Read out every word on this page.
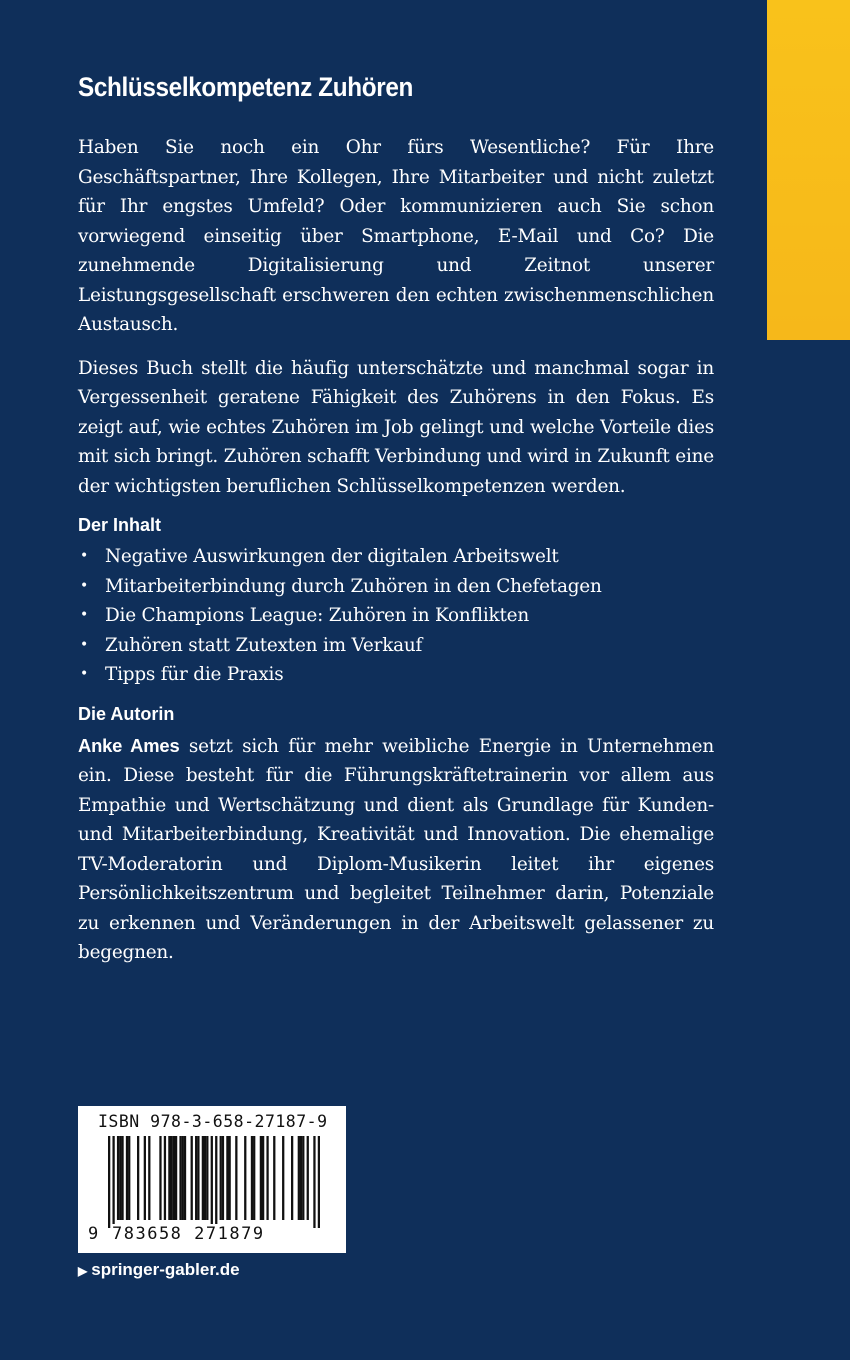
Schlüsselkompetenz Zuhören

Haben Sie noch ein Ohr fürs Wesentliche? Für Ihre Geschäftspartner, Ihre Kollegen, Ihre Mitarbeiter und nicht zuletzt für Ihr engstes Umfeld? Oder kommunizieren auch Sie schon vorwiegend einseitig über Smartphone, E-Mail und Co? Die zunehmende Digitalisierung und Zeitnot unserer Leistungsgesellschaft erschweren den echten zwischenmenschlichen Austausch.

Dieses Buch stellt die häufig unterschätzte und manchmal sogar in Vergessenheit geratene Fähigkeit des Zuhörens in den Fokus. Es zeigt auf, wie echtes Zuhören im Job gelingt und welche Vorteile dies mit sich bringt. Zuhören schafft Verbindung und wird in Zukunft eine der wichtigsten beruflichen Schlüsselkompetenzen werden.

Der Inhalt
• Negative Auswirkungen der digitalen Arbeitswelt
• Mitarbeiterbindung durch Zuhören in den Chefetagen
• Die Champions League: Zuhören in Konflikten
• Zuhören statt Zutexten im Verkauf
• Tipps für die Praxis
Die Autorin

Anke Ames setzt sich für mehr weibliche Energie in Unternehmen ein. Diese besteht für die Führungskräftetrainerin vor allem aus Empathie und Wertschätzung und dient als Grundlage für Kunden- und Mitarbeiterbindung, Kreativität und Innovation. Die ehemalige TV-Moderatorin und Diplom-Musikerin leitet ihr eigenes Persönlichkeitszentrum und begleitet Teilnehmer darin, Potenziale zu erkennen und Veränderungen in der Arbeitswelt gelassener zu begegnen.

ISBN 978-3-658-27187-9
9 783658 271879
▶ springer-gabler.de
